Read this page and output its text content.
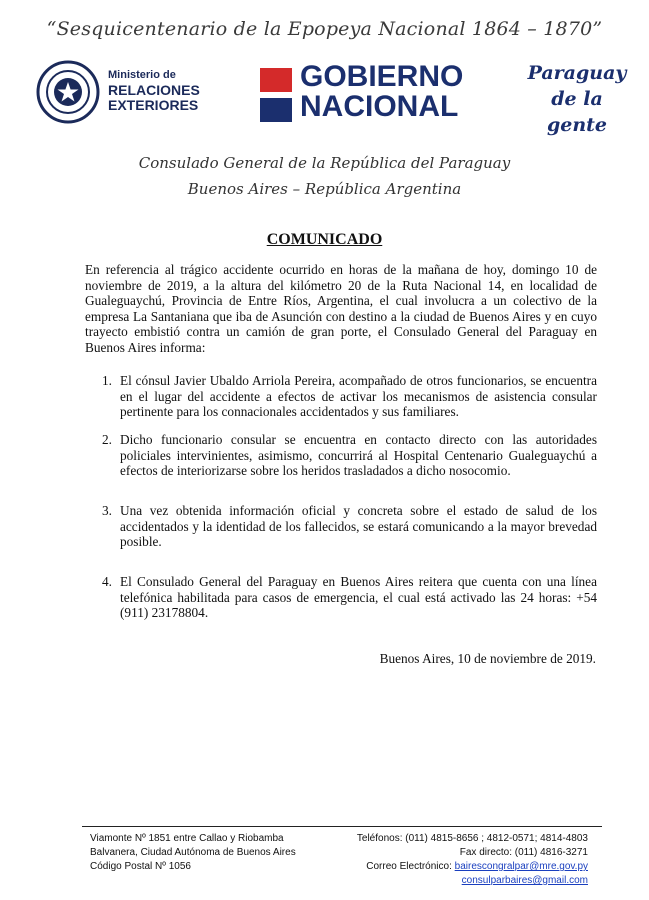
“Sesquicentenario de la Epopeya Nacional 1864 – 1870”
Ministerio de
RELACIONES
EXTERIORES
GOBIERNO
NACIONAL
Paraguay
de la gente
Consulado General de la República del Paraguay
Buenos Aires – República Argentina
COMUNICADO
En referencia al trágico accidente ocurrido en horas de la mañana de hoy, domingo 10 de noviembre de 2019, a la altura del kilómetro 20 de la Ruta Nacional 14, en localidad de Gualeguaychú, Provincia de Entre Ríos, Argentina, el cual involucra a un colectivo de la empresa La Santaniana que iba de Asunción con destino a la ciudad de Buenos Aires y en cuyo trayecto embistió contra un camión de gran porte, el Consulado General del Paraguay en Buenos Aires informa:
1. El cónsul Javier Ubaldo Arriola Pereira, acompañado de otros funcionarios, se encuentra en el lugar del accidente a efectos de activar los mecanismos de asistencia consular pertinente para los connacionales accidentados y sus familiares.
2. Dicho funcionario consular se encuentra en contacto directo con las autoridades policiales intervinientes, asimismo, concurrirá al Hospital Centenario Gualeguaychú a efectos de interiorizarse sobre los heridos trasladados a dicho nosocomio.
3. Una vez obtenida información oficial y concreta sobre el estado de salud de los accidentados y la identidad de los fallecidos, se estará comunicando a la mayor brevedad posible.
4. El Consulado General del Paraguay en Buenos Aires reitera que cuenta con una línea telefónica habilitada para casos de emergencia, el cual está activado las 24 horas: +54 (911) 23178804.
Buenos Aires, 10 de noviembre de 2019.
Viamonte Nº 1851 entre Callao y Riobamba
Balvanera, Ciudad Autónoma de Buenos Aires
Código Postal Nº 1056
Teléfonos: (011) 4815-8656 ; 4812-0571; 4814-4803
Fax directo: (011) 4816-3271
Correo Electrónico: bairescongralpar@mre.gov.py
consulparbaires@gmail.com
